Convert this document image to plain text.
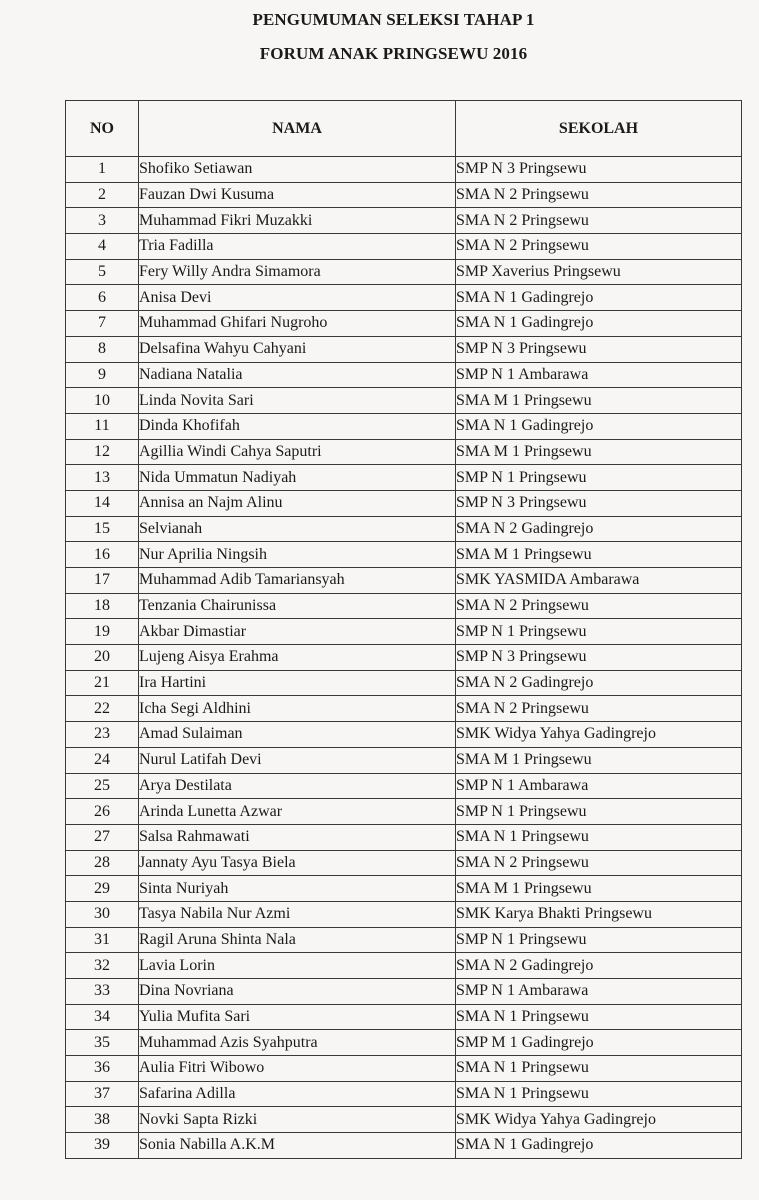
PENGUMUMAN SELEKSI TAHAP 1
FORUM ANAK PRINGSEWU 2016
NO	NAMA	SEKOLAH
1	Shofiko Setiawan	SMP N 3 Pringsewu
2	Fauzan Dwi Kusuma	SMA N 2 Pringsewu
3	Muhammad Fikri Muzakki	SMA N 2 Pringsewu
4	Tria Fadilla	SMA N 2 Pringsewu
5	Fery Willy Andra Simamora	SMP Xaverius Pringsewu
6	Anisa Devi	SMA N 1 Gadingrejo
7	Muhammad Ghifari Nugroho	SMA N 1 Gadingrejo
8	Delsafina Wahyu Cahyani	SMP N 3 Pringsewu
9	Nadiana Natalia	SMP N 1 Ambarawa
10	Linda Novita Sari	SMA M 1 Pringsewu
11	Dinda Khofifah	SMA N 1 Gadingrejo
12	Agillia Windi Cahya Saputri	SMA M 1 Pringsewu
13	Nida Ummatun Nadiyah	SMP N 1 Pringsewu
14	Annisa an Najm Alinu	SMP N 3 Pringsewu
15	Selvianah	SMA N 2 Gadingrejo
16	Nur Aprilia Ningsih	SMA M 1 Pringsewu
17	Muhammad Adib Tamariansyah	SMK YASMIDA Ambarawa
18	Tenzania Chairunissa	SMA N 2 Pringsewu
19	Akbar Dimastiar	SMP N 1 Pringsewu
20	Lujeng Aisya Erahma	SMP N 3 Pringsewu
21	Ira Hartini	SMA N 2 Gadingrejo
22	Icha Segi Aldhini	SMA N 2 Pringsewu
23	Amad Sulaiman	SMK Widya Yahya Gadingrejo
24	Nurul Latifah Devi	SMA M 1 Pringsewu
25	Arya Destilata	SMP N 1 Ambarawa
26	Arinda Lunetta Azwar	SMP N 1 Pringsewu
27	Salsa Rahmawati	SMA N 1 Pringsewu
28	Jannaty Ayu Tasya Biela	SMA N 2 Pringsewu
29	Sinta Nuriyah	SMA M 1 Pringsewu
30	Tasya Nabila Nur Azmi	SMK Karya Bhakti Pringsewu
31	Ragil Aruna Shinta Nala	SMP N 1 Pringsewu
32	Lavia Lorin	SMA N 2 Gadingrejo
33	Dina Novriana	SMP N 1 Ambarawa
34	Yulia Mufita Sari	SMA N 1 Pringsewu
35	Muhammad Azis Syahputra	SMP M 1 Gadingrejo
36	Aulia Fitri Wibowo	SMA N 1 Pringsewu
37	Safarina Adilla	SMA N 1 Pringsewu
38	Novki Sapta Rizki	SMK Widya Yahya Gadingrejo
39	Sonia Nabilla A.K.M	SMA N 1 Gadingrejo
